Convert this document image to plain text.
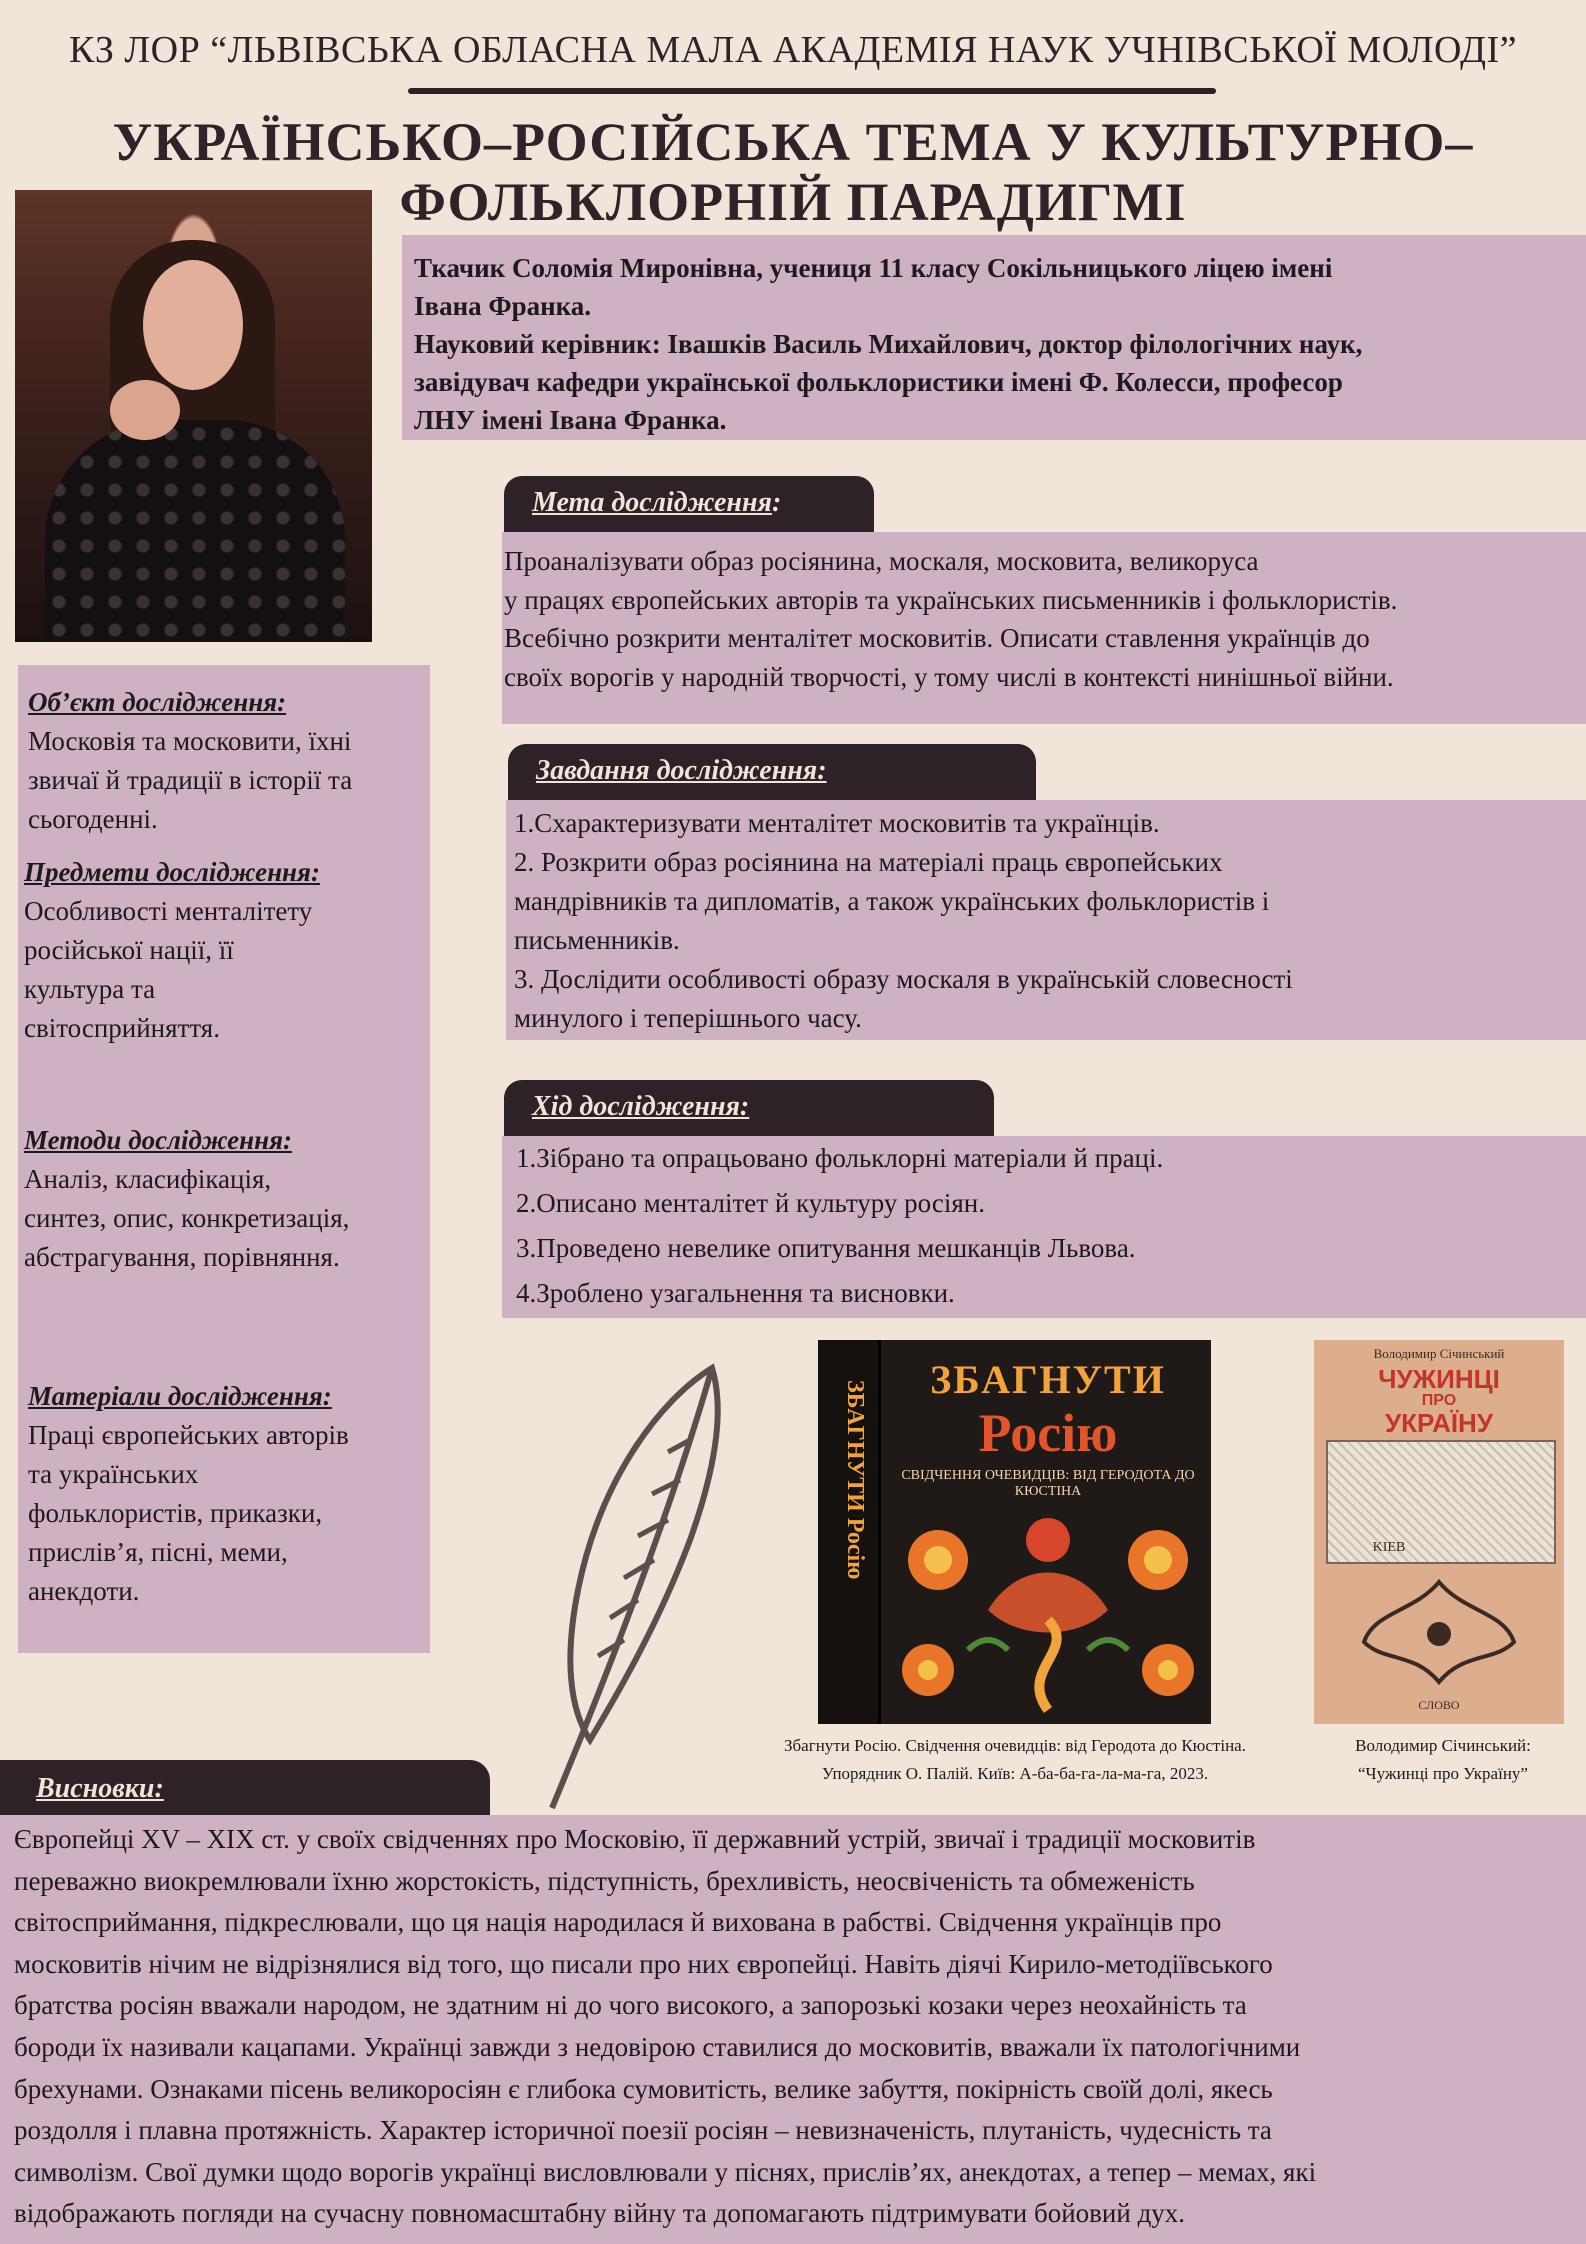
КЗ ЛОР “ЛЬВІВСЬКА ОБЛАСНА МАЛА АКАДЕМІЯ НАУК УЧНІВСЬКОЇ МОЛОДІ”
УКРАЇНСЬКО–РОСІЙСЬКА ТЕМА У КУЛЬТУРНО–
ФОЛЬКЛОРНІЙ ПАРАДИГМІ
Ткачик Соломія Миронівна, учениця 11 класу Сокільницького ліцею імені
Івана Франка.
Науковий керівник: Івашків Василь Михайлович, доктор філологічних наук,
завідувач кафедри української фольклористики імені Ф. Колесси, професор
ЛНУ імені Івана Франка.
Об’єкт дослідження:
Московія та московити, їхні
звичаї й традиції в історії та
сьогоденні.
Предмети дослідження:
Особливості менталітету
російської нації, її
культура та
світосприйняття.
Методи дослідження:
Аналіз, класифікація,
синтез, опис, конкретизація,
абстрагування, порівняння.
Матеріали дослідження:
Праці європейських авторів
та українських
фольклористів, приказки,
прислів’я, пісні, меми,
анекдоти.
Мета дослідження:
Проаналізувати образ росіянина, москаля, московита, великоруса
у працях європейських авторів та українських письменників і фольклористів.
Всебічно розкрити менталітет московитів. Описати ставлення українців до
своїх ворогів у народній творчості, у тому числі в контексті нинішньої війни.
Завдання дослідження:
1.Схарактеризувати менталітет московитів та українців.
2. Розкрити образ росіянина на матеріалі праць європейських
мандрівників та дипломатів, а також українських фольклористів і
письменників.
3. Дослідити особливості образу москаля в українській словесності
минулого і теперішнього часу.
Хід дослідження:
1.Зібрано та опрацьовано фольклорні матеріали й праці.
2.Описано менталітет й культуру росіян.
3.Проведено невелике опитування мешканців Львова.
4.Зроблено узагальнення та висновки.
ЗБАГНУТИ Росію
ЗБАГНУТИ
Росію
СВІДЧЕННЯ ОЧЕВИДЦІВ: ВІД ГЕРОДОТА ДО КЮСТІНА
Збагнути Росію. Свідчення очевидців: від Геродота до Кюстіна.
Упорядник О. Палій. Київ: А-ба-ба-га-ла-ма-га, 2023.
Володимир Січинський
ЧУЖИНЦІ
ПРО
УКРАЇНУ
KIEB
СЛОВО
Володимир Січинський:
“Чужинці про Україну”
Висновки:
Європейці XV – XIX ст. у своїх свідченнях про Московію, її державний устрій, звичаї і традиції московитів
переважно виокремлювали їхню жорстокість, підступність, брехливість, неосвіченість та обмеженість
світосприймання, підкреслювали, що ця нація народилася й вихована в рабстві. Свідчення українців про
московитів нічим не відрізнялися від того, що писали про них європейці. Навіть діячі Кирило-методіївського
братства росіян вважали народом, не здатним ні до чого високого, а запорозькі козаки через неохайність та
бороди їх називали кацапами. Українці завжди з недовірою ставилися до московитів, вважали їх патологічними
брехунами. Ознаками пісень великоросіян є глибока сумовитість, велике забуття, покірність своїй долі, якесь
роздолля і плавна протяжність. Характер історичної поезії росіян – невизначеність, плутаність, чудесність та
символізм. Свої думки щодо ворогів українці висловлювали у піснях, прислів’ях, анекдотах, а тепер – мемах, які
відображають погляди на сучасну повномасштабну війну та допомагають підтримувати бойовий дух.
